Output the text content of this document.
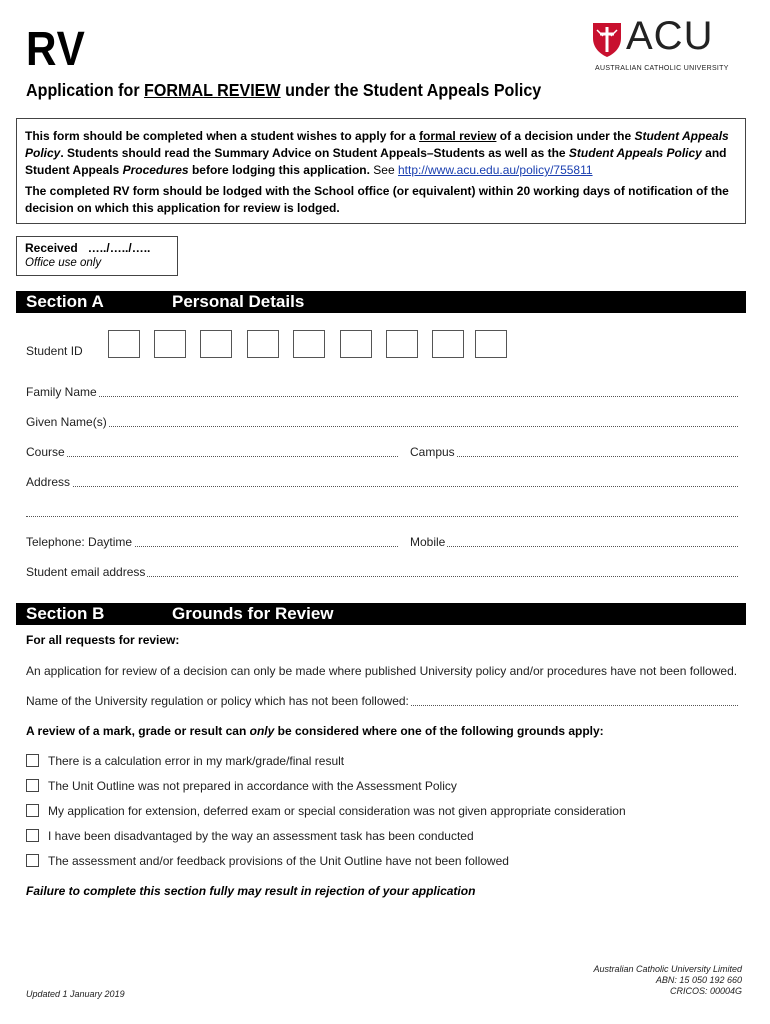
RV	ACU
AUSTRALIAN CATHOLIC UNIVERSITY
Application for FORMAL REVIEW under the Student Appeals Policy

This form should be completed when a student wishes to apply for a formal review of a decision under the Student Appeals Policy. Students should read the Summary Advice on Student Appeals–Students as well as the Student Appeals Policy and Student Appeals Procedures before lodging this application. See http://www.acu.edu.au/policy/755811

The completed RV form should be lodged with the School office (or equivalent) within 20 working days of notification of the decision on which this application for review is lodged.

Received …../…../…..
Office use only
Section A	Personal Details
Student ID
Family Name
Given Name(s)
Course	Campus
Address
Telephone: Daytime	Mobile
Student email address
Section B	Grounds for Review
For all requests for review:
An application for review of a decision can only be made where published University policy and/or procedures have not been followed.
Name of the University regulation or policy which has not been followed:
A review of a mark, grade or result can only be considered where one of the following grounds apply:
There is a calculation error in my mark/grade/final result
The Unit Outline was not prepared in accordance with the Assessment Policy
My application for extension, deferred exam or special consideration was not given appropriate consideration
I have been disadvantaged by the way an assessment task has been conducted
The assessment and/or feedback provisions of the Unit Outline have not been followed
Failure to complete this section fully may result in rejection of your application
Australian Catholic University Limited
ABN: 15 050 192 660
CRICOS: 00004G
Updated 1 January 2019
